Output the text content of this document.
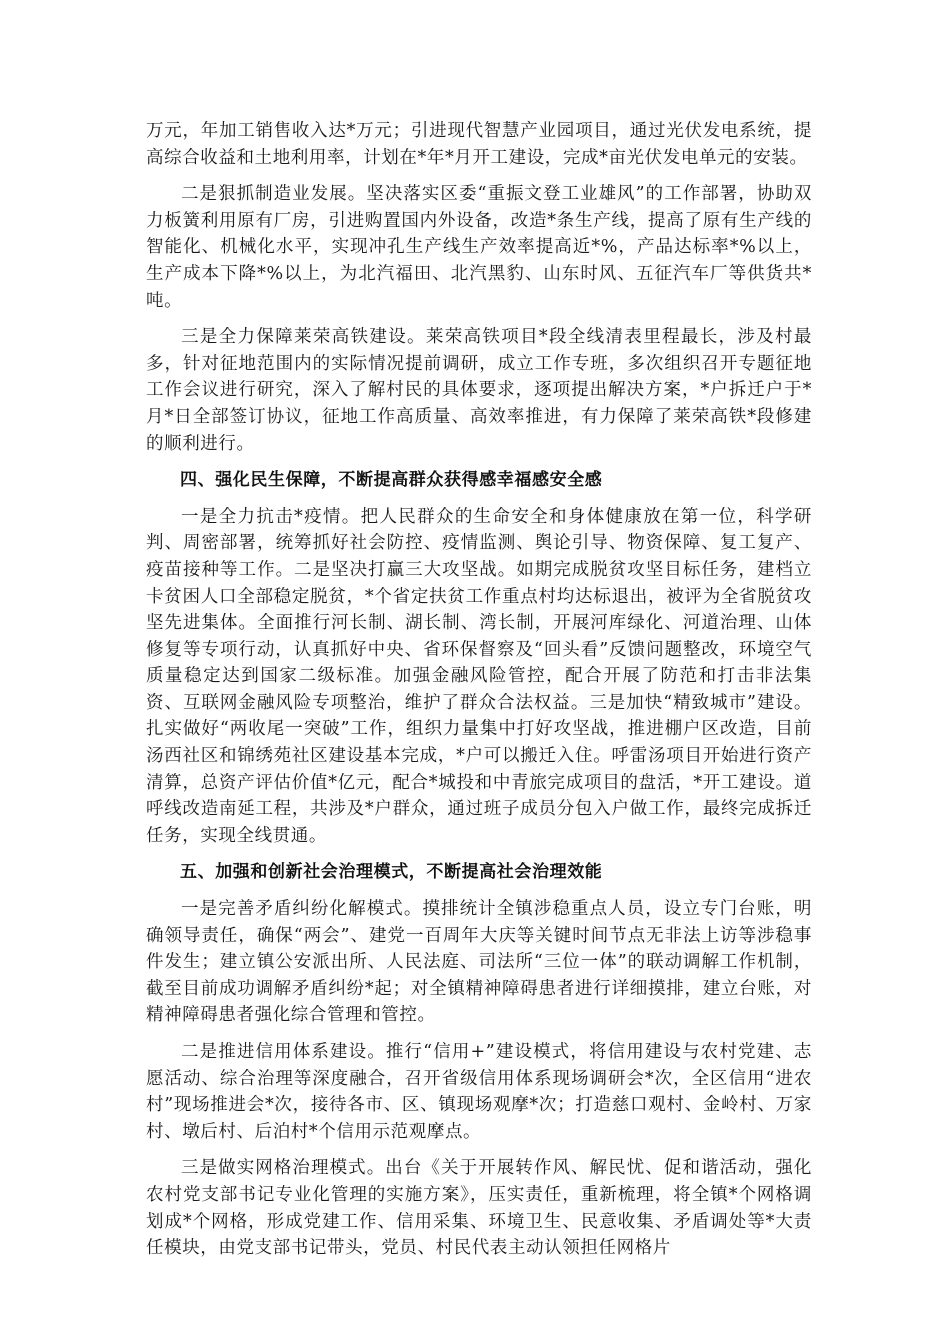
万元，年加工销售收入达*万元；引进现代智慧产业园项目，通过光伏发电系统，提高综合收益和土地利用率，计划在*年*月开工建设，完成*亩光伏发电单元的安装。

二是狠抓制造业发展。坚决落实区委“重振文登工业雄风”的工作部署，协助双力板簧利用原有厂房，引进购置国内外设备，改造*条生产线，提高了原有生产线的智能化、机械化水平，实现冲孔生产线生产效率提高近*%，产品达标率*%以上，生产成本下降*%以上，为北汽福田、北汽黑豹、山东时风、五征汽车厂等供货共*吨。

三是全力保障莱荣高铁建设。莱荣高铁项目*段全线清表里程最长，涉及村最多，针对征地范围内的实际情况提前调研，成立工作专班，多次组织召开专题征地工作会议进行研究，深入了解村民的具体要求，逐项提出解决方案，*户拆迁户于*月*日全部签订协议，征地工作高质量、高效率推进，有力保障了莱荣高铁*段修建的顺利进行。

四、强化民生保障，不断提高群众获得感幸福感安全感

一是全力抗击*疫情。把人民群众的生命安全和身体健康放在第一位，科学研判、周密部署，统筹抓好社会防控、疫情监测、舆论引导、物资保障、复工复产、疫苗接种等工作。二是坚决打赢三大攻坚战。如期完成脱贫攻坚目标任务，建档立卡贫困人口全部稳定脱贫，*个省定扶贫工作重点村均达标退出，被评为全省脱贫攻坚先进集体。全面推行河长制、湖长制、湾长制，开展河库绿化、河道治理、山体修复等专项行动，认真抓好中央、省环保督察及“回头看”反馈问题整改，环境空气质量稳定达到国家二级标准。加强金融风险管控，配合开展了防范和打击非法集资、互联网金融风险专项整治，维护了群众合法权益。三是加快“精致城市”建设。扎实做好“两收尾一突破”工作，组织力量集中打好攻坚战，推进棚户区改造，目前汤西社区和锦绣苑社区建设基本完成，*户可以搬迁入住。呼雷汤项目开始进行资产清算，总资产评估价值*亿元，配合*城投和中青旅完成项目的盘活，*开工建设。道呼线改造南延工程，共涉及*户群众，通过班子成员分包入户做工作，最终完成拆迁任务，实现全线贯通。

五、加强和创新社会治理模式，不断提高社会治理效能

一是完善矛盾纠纷化解模式。摸排统计全镇涉稳重点人员，设立专门台账，明确领导责任，确保“两会”、建党一百周年大庆等关键时间节点无非法上访等涉稳事件发生；建立镇公安派出所、人民法庭、司法所“三位一体”的联动调解工作机制，截至目前成功调解矛盾纠纷*起；对全镇精神障碍患者进行详细摸排，建立台账，对精神障碍患者强化综合管理和管控。

二是推进信用体系建设。推行“信用+”建设模式，将信用建设与农村党建、志愿活动、综合治理等深度融合，召开省级信用体系现场调研会*次，全区信用“进农村”现场推进会*次，接待各市、区、镇现场观摩*次；打造慈口观村、金岭村、万家村、墩后村、后泊村*个信用示范观摩点。

三是做实网格治理模式。出台《关于开展转作风、解民忧、促和谐活动，强化农村党支部书记专业化管理的实施方案》，压实责任，重新梳理，将全镇*个网格调划成*个网格，形成党建工作、信用采集、环境卫生、民意收集、矛盾调处等*大责任模块，由党支部书记带头，党员、村民代表主动认领担任网格片
